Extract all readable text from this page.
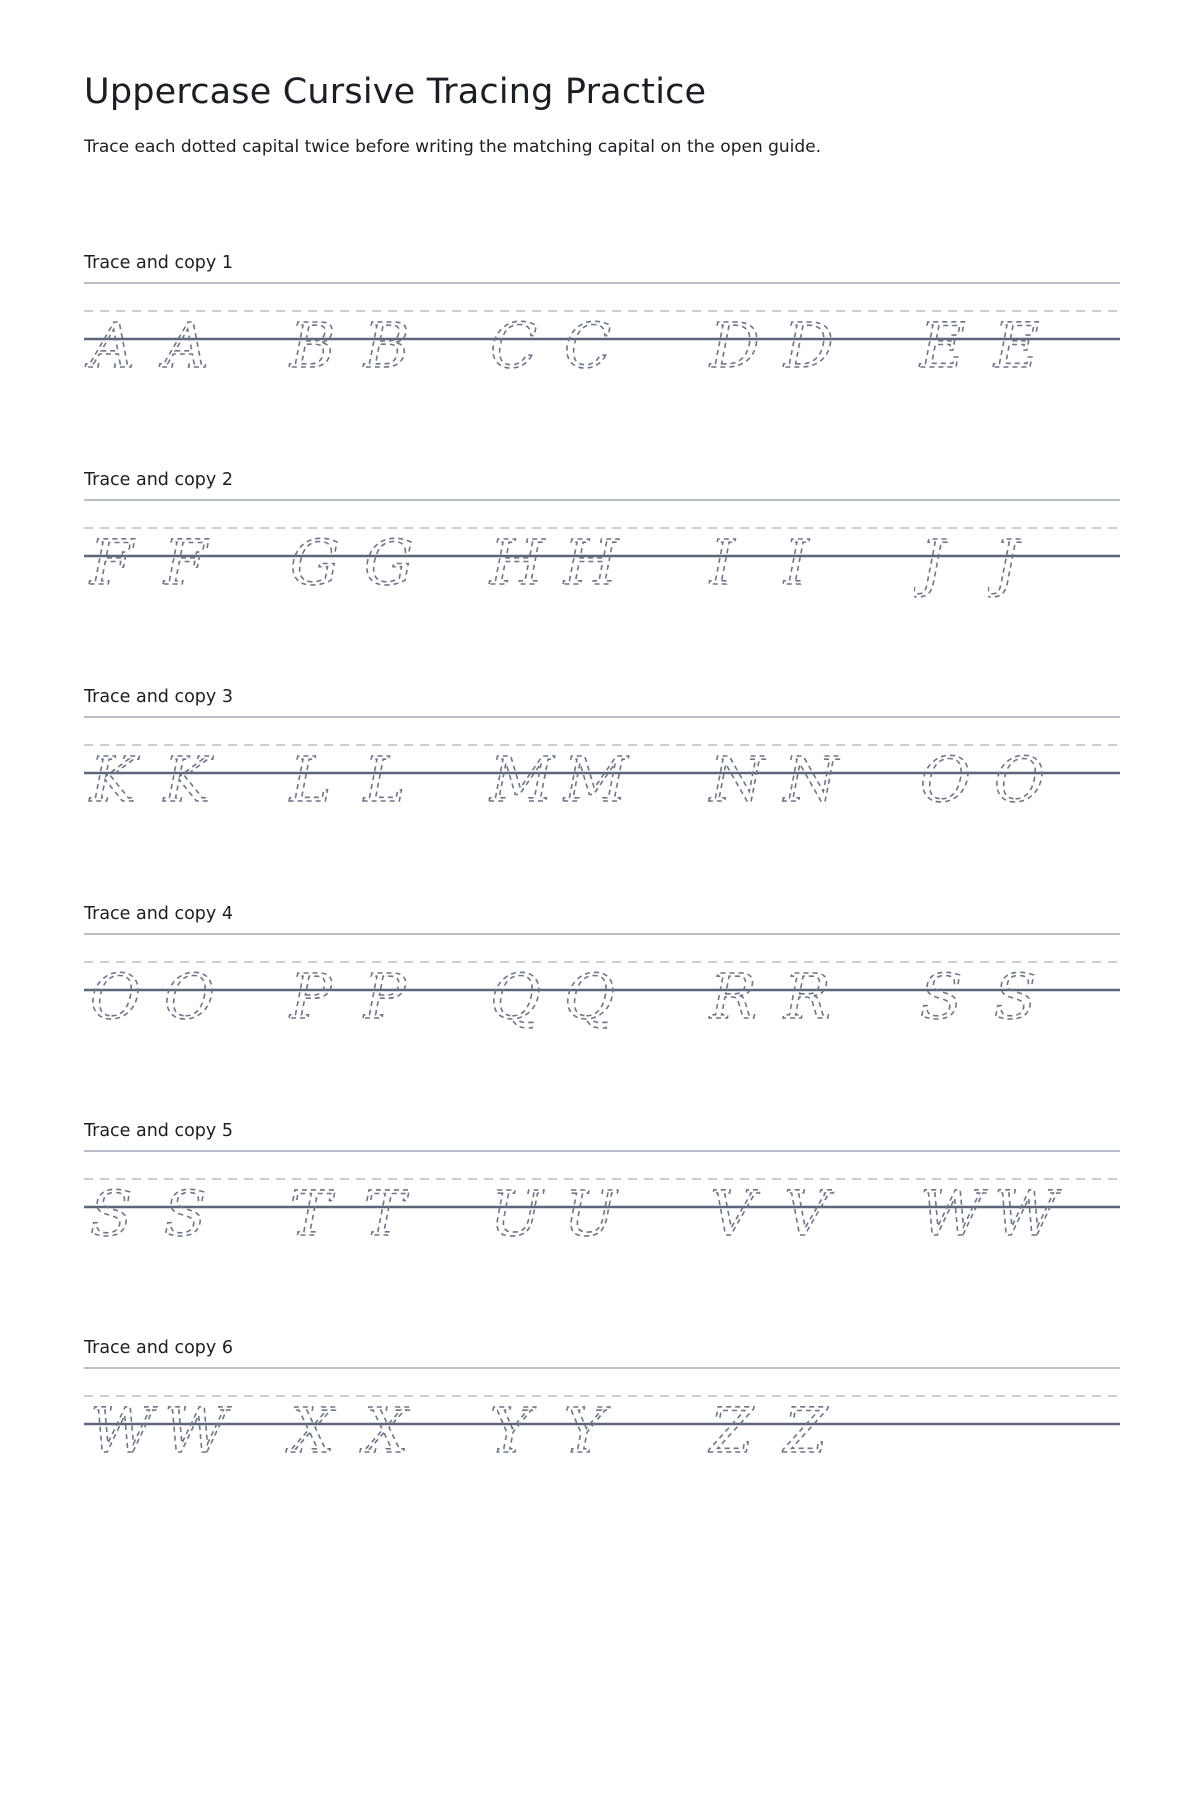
Uppercase Cursive Tracing Practice

Trace each dotted capital twice before writing the matching capital on the open guide.

Trace and copy 1
A A B B C C D D E E
Trace and copy 2
F F G G H H I I J J
Trace and copy 3
K K L L M M N N O O
Trace and copy 4
O O P P Q Q R R S S
Trace and copy 5
S S T T U U V V W W
Trace and copy 6
W W X X Y Y Z Z
